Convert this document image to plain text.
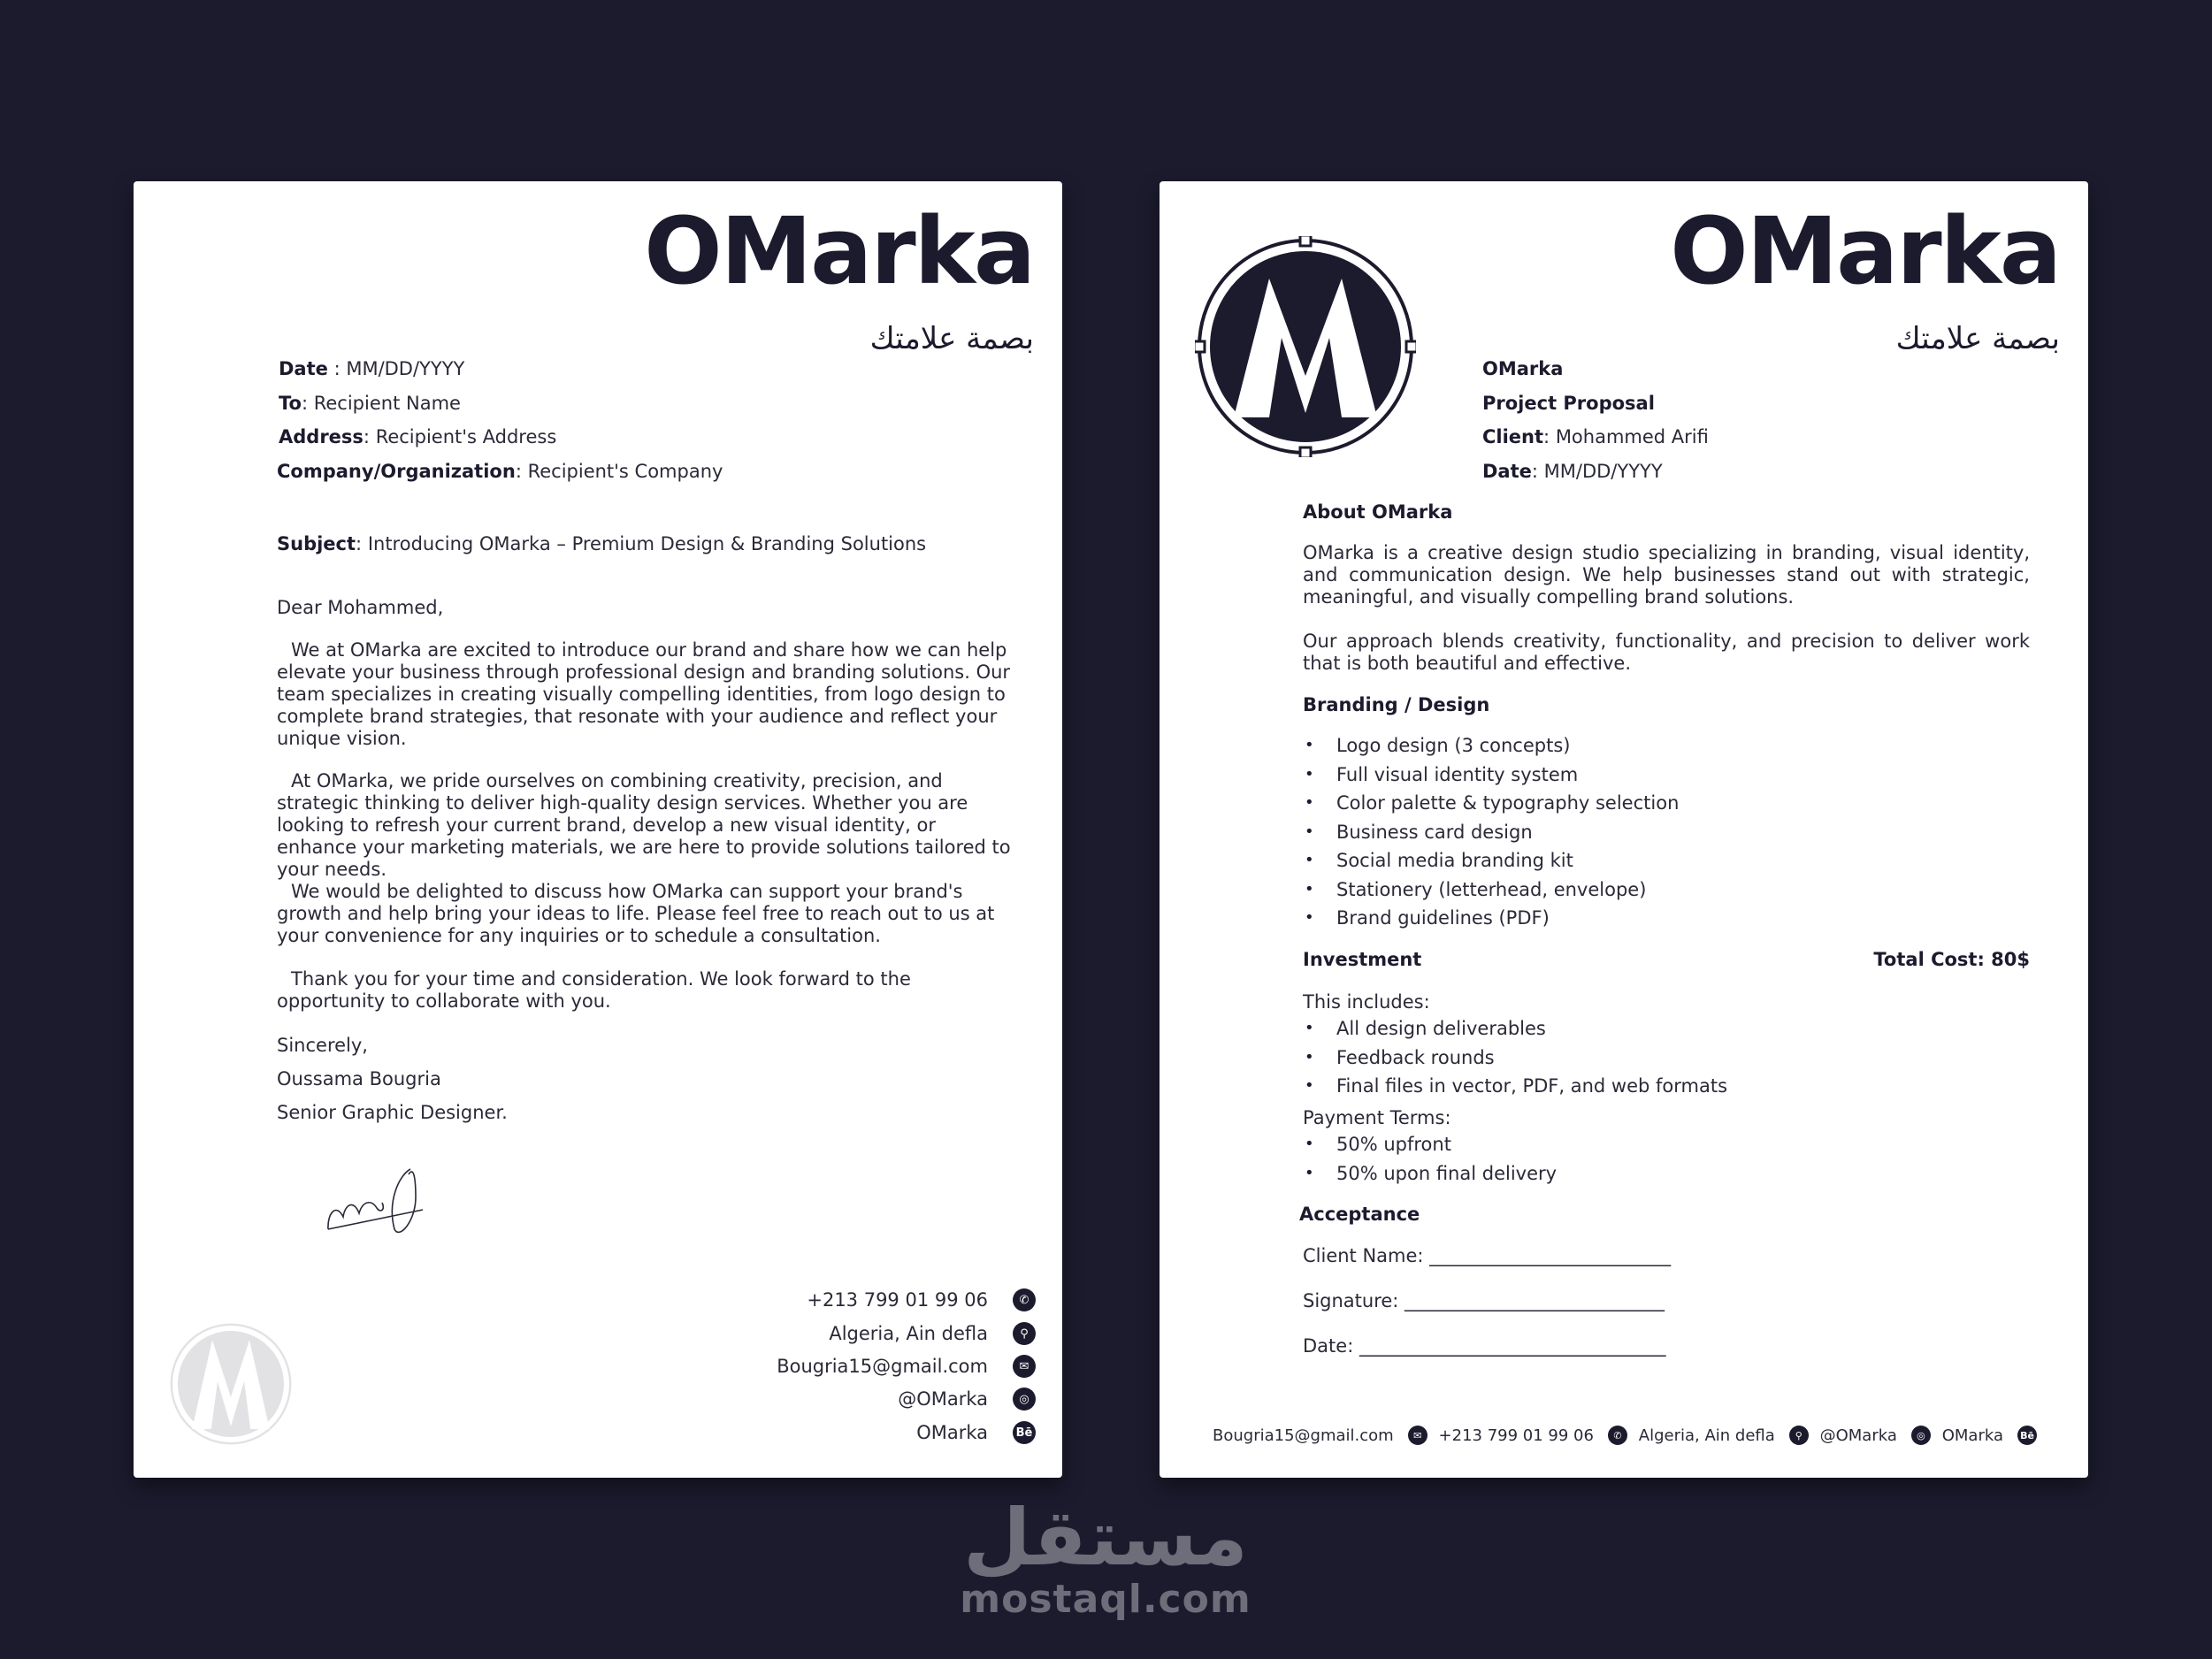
OMarka
بصمة علامتك
Date : MM/DD/YYYY
To: Recipient Name
Address: Recipient's Address
Company/Organization: Recipient's Company
Subject: Introducing OMarka – Premium Design & Branding Solutions
Dear Mohammed,

We at OMarka are excited to introduce our brand and share how we can help elevate your business through professional design and branding solutions. Our team specializes in creating visually compelling identities, from logo design to complete brand strategies, that resonate with your audience and reflect your unique vision.

At OMarka, we pride ourselves on combining creativity, precision, and strategic thinking to deliver high-quality design services. Whether you are looking to refresh your current brand, develop a new visual identity, or enhance your marketing materials, we are here to provide solutions tailored to your needs.

We would be delighted to discuss how OMarka can support your brand's growth and help bring your ideas to life. Please feel free to reach out to us at your convenience for any inquiries or to schedule a consultation.

Thank you for your time and consideration. We look forward to the opportunity to collaborate with you.

Sincerely,
Oussama Bougria
Senior Graphic Designer.
+213 799 01 99 06	✆
Algeria, Ain defla	⚲
Bougria15@gmail.com	✉
@OMarka	◎
OMarka Bē
OMarka
بصمة علامتك
OMarka
Project Proposal
Client: Mohammed Arifi
Date: MM/DD/YYYY
About OMarka

OMarka is a creative design studio specializing in branding, visual identity, and communication design. We help businesses stand out with strategic, meaningful, and visually compelling brand solutions.

Our approach blends creativity, functionality, and precision to deliver work that is both beautiful and effective.

Branding / Design
• Logo design (3 concepts)
• Full visual identity system
• Color palette & typography selection
• Business card design
• Social media branding kit
• Stationery (letterhead, envelope)
• Brand guidelines (PDF)
Investment	Total Cost: 80$
This includes:
• All design deliverables
• Feedback rounds
• Final files in vector, PDF, and web formats
Payment Terms:
• 50% upfront
• 50% upon final delivery
Acceptance
Client Name: __________________________
Signature: ____________________________
Date: _________________________________
Bougria15@gmail.com	✉	+213 799 01 99 06	✆	Algeria, Ain defla	⚲	@OMarka	◎	OMarka Bē
مستقل
mostaql.com
